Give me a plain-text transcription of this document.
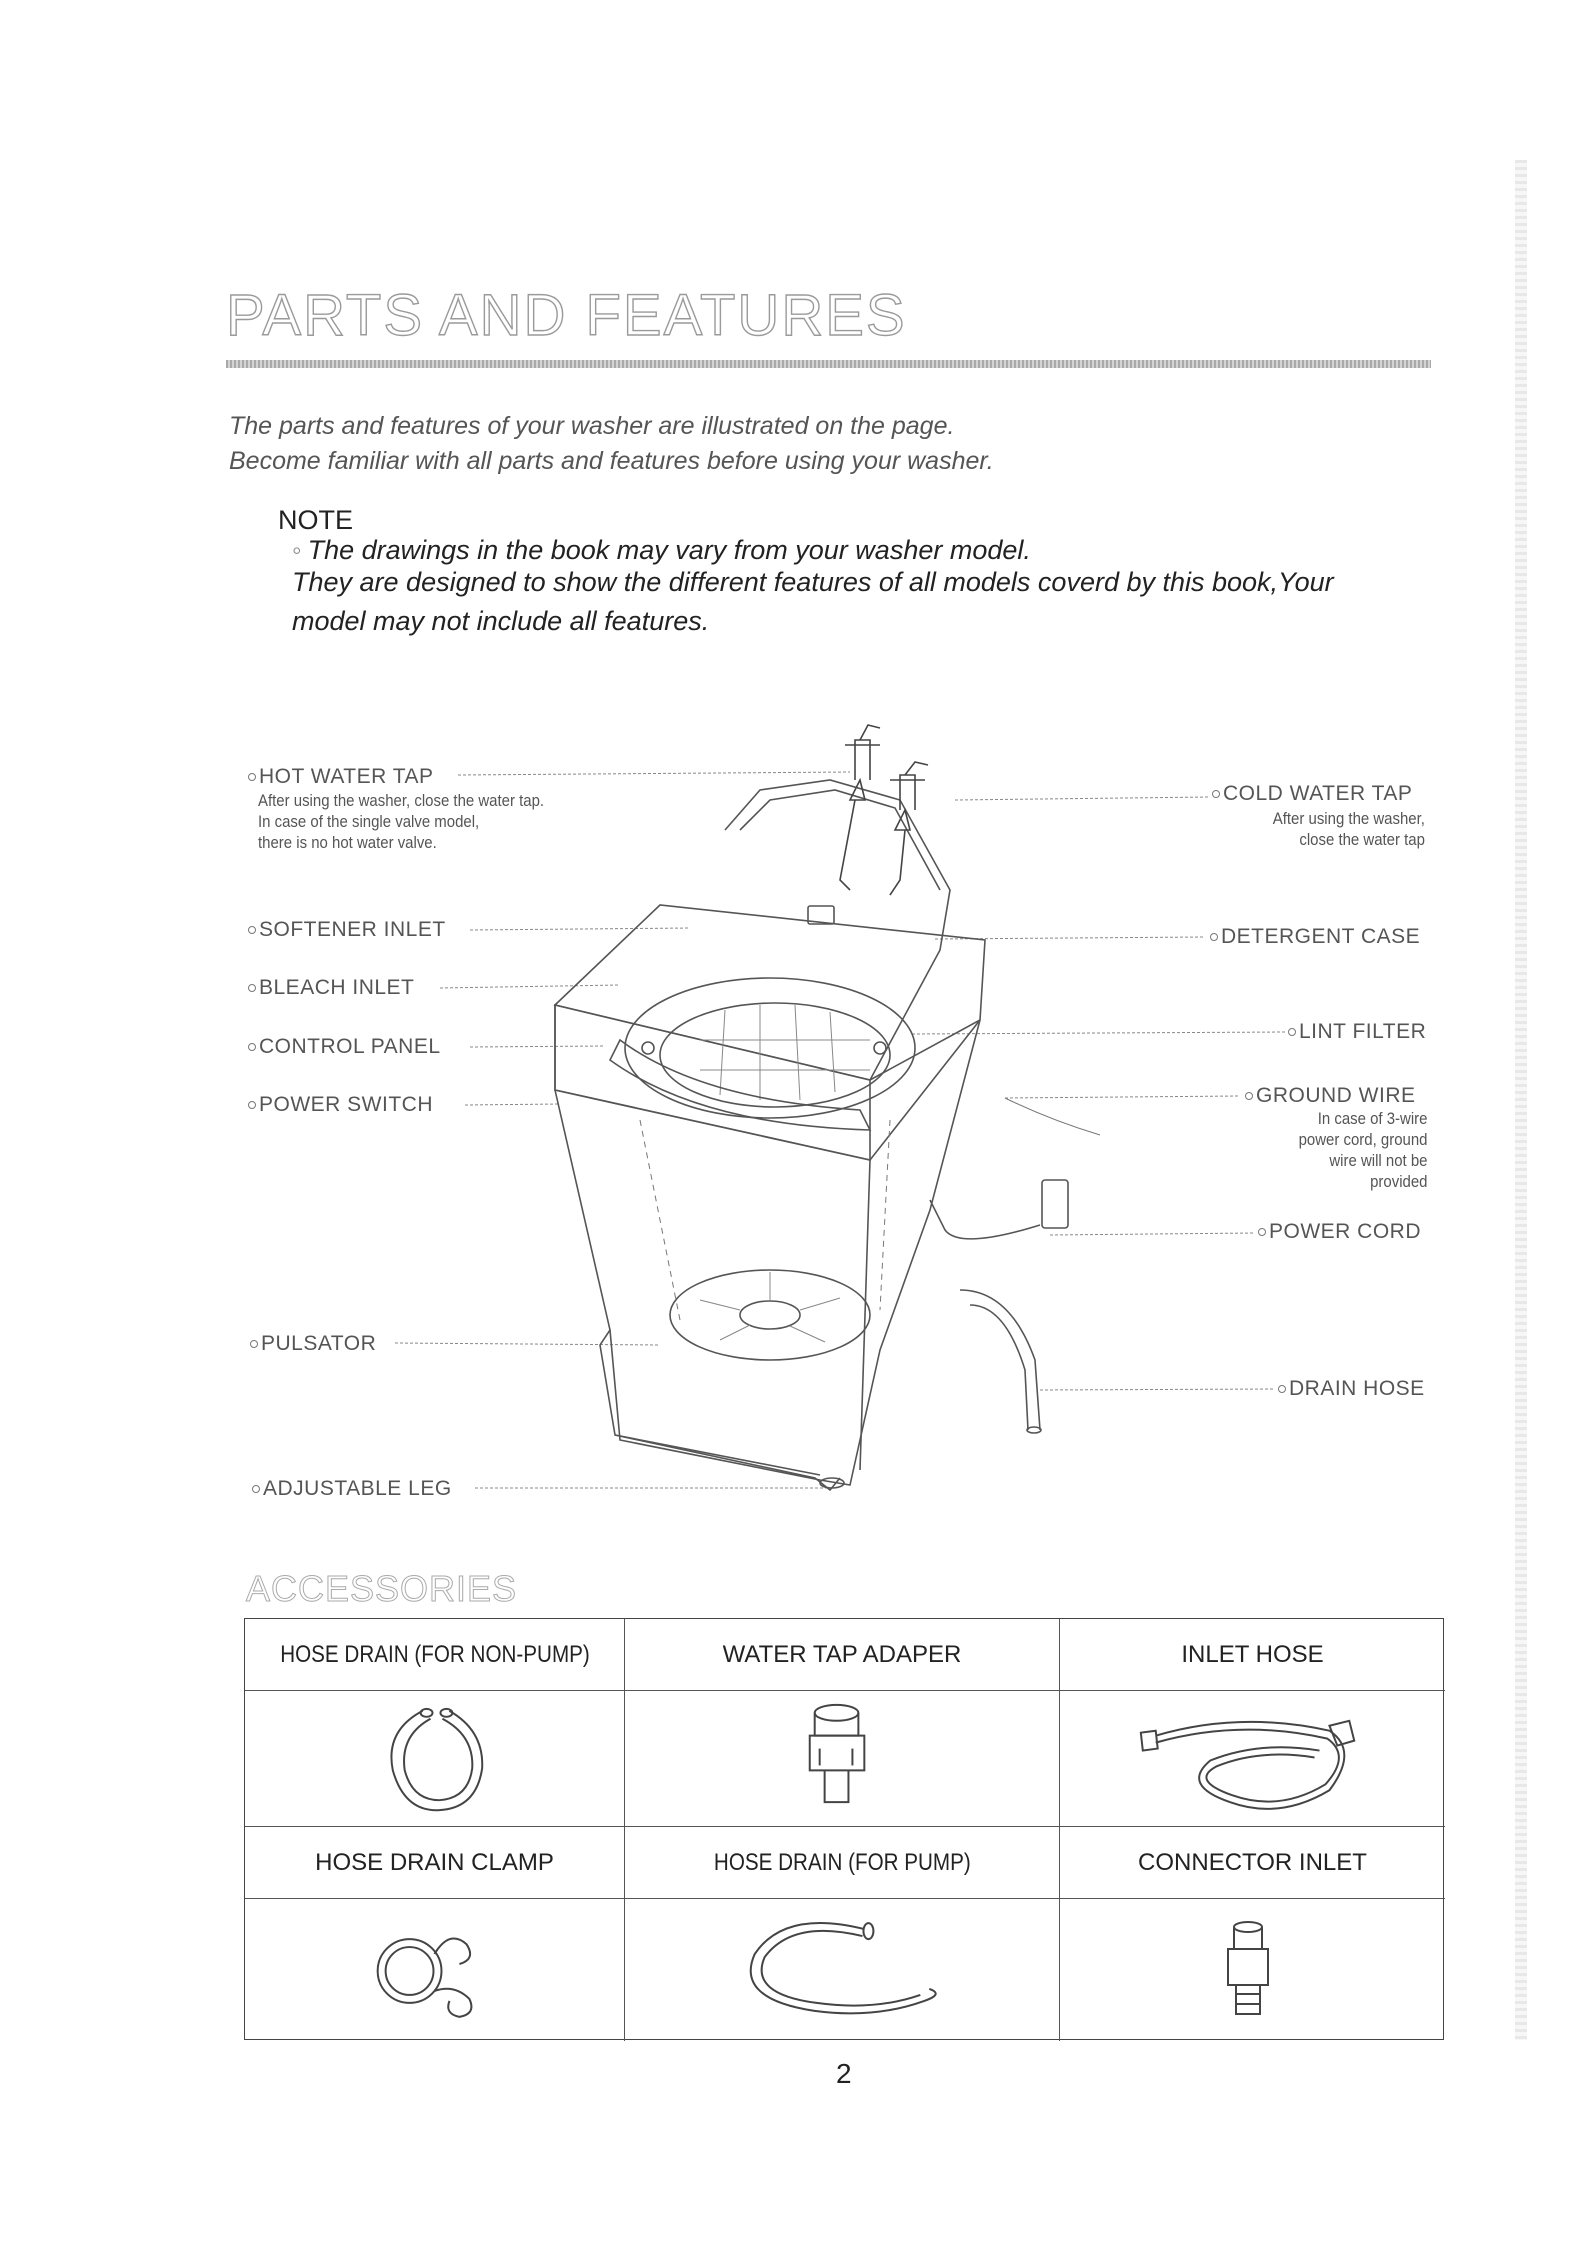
PARTS AND FEATURES
The parts and features of your washer are illustrated on the page.
Become familiar with all parts and features before using your washer.
NOTE
◦ The drawings in the book may vary from your washer model.
They are designed to show the different features of all models coverd by this book,Your
model may not include all features.
HOT WATER TAP
After using the washer, close the water tap.
In case of the single valve model,
there is no hot water valve.
COLD WATER TAP
After using the washer,
close the water tap
SOFTENER INLET	DETERGENT CASE
BLEACH INLET
CONTROL PANEL
LINT FILTER
POWER SWITCH	GROUND WIRE
In case of 3-wire
power cord, ground
wire will not be
provided
POWER CORD
PULSATOR
DRAIN HOSE
ADJUSTABLE LEG
ACCESSORIES
HOSE DRAIN (FOR NON-PUMP)	WATER TAP ADAPER	INLET HOSE
HOSE DRAIN CLAMP	HOSE DRAIN (FOR PUMP)	CONNECTOR INLET
2
